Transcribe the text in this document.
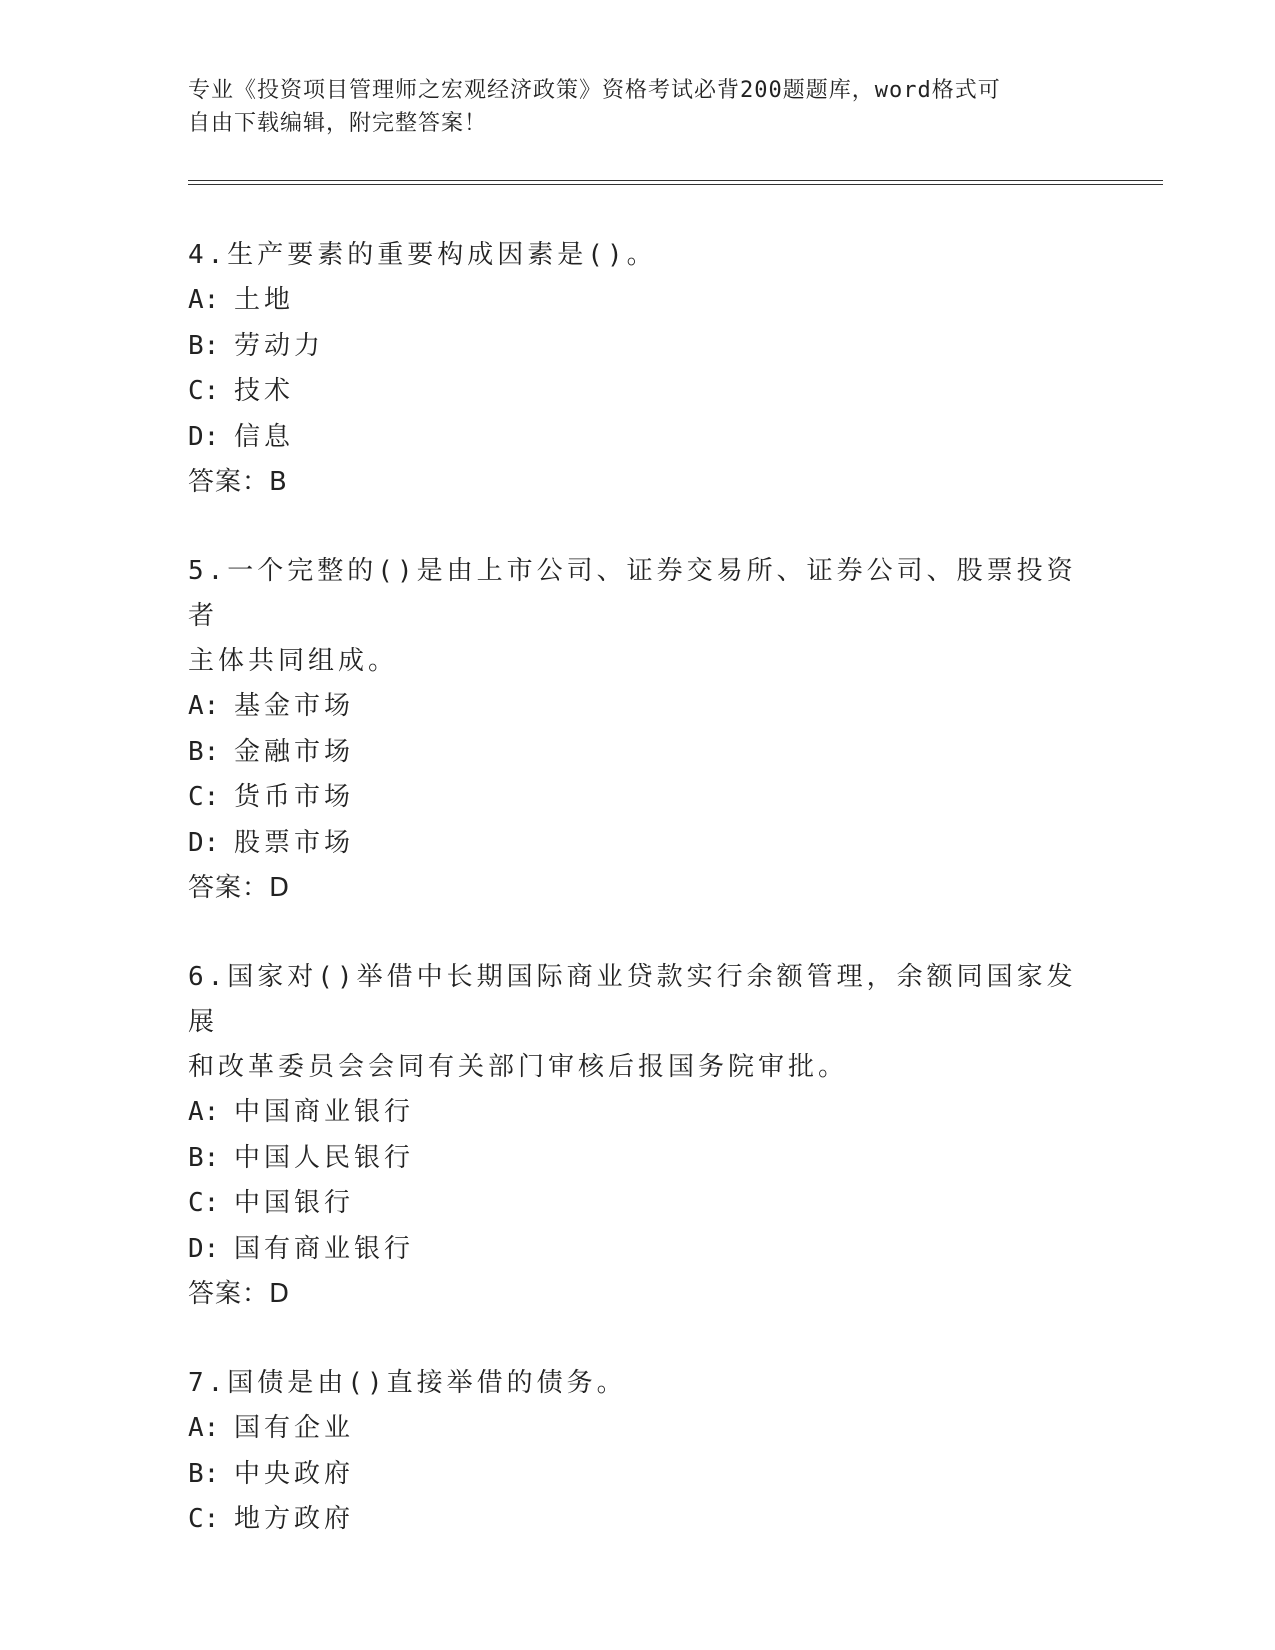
专业《投资项目管理师之宏观经济政策》资格考试必背200题题库，word格式可
自由下载编辑，附完整答案！
4.生产要素的重要构成因素是()。
A: 土地
B: 劳动力
C: 技术
D: 信息
答案：B
5.一个完整的()是由上市公司、证券交易所、证券公司、股票投资者
主体共同组成。
A: 基金市场
B: 金融市场
C: 货币市场
D: 股票市场
答案：D
6.国家对()举借中长期国际商业贷款实行余额管理，余额同国家发展
和改革委员会会同有关部门审核后报国务院审批。
A: 中国商业银行
B: 中国人民银行
C: 中国银行
D: 国有商业银行
答案：D
7.国债是由()直接举借的债务。
A: 国有企业
B: 中央政府
C: 地方政府
